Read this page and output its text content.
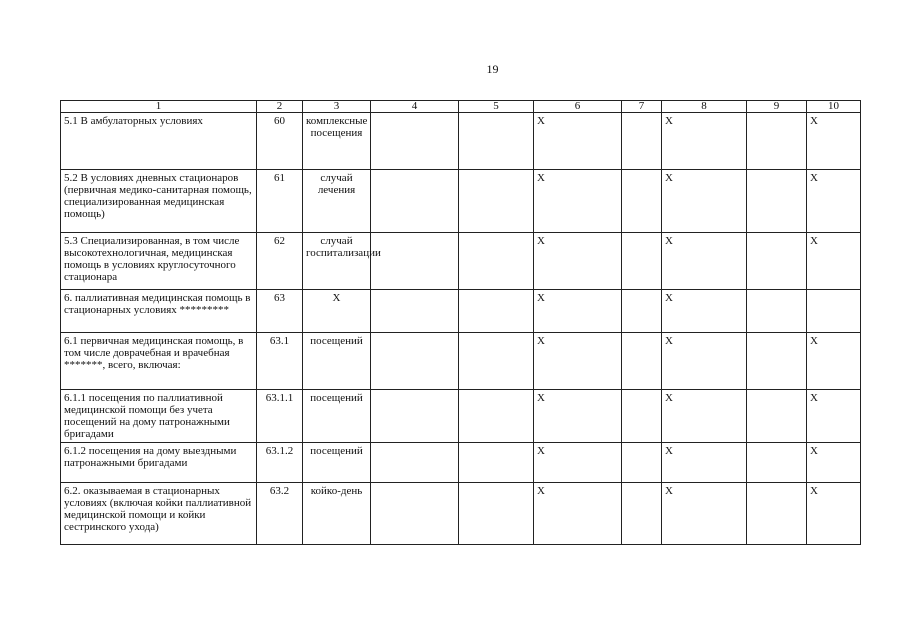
19
1	2	3	4	5	6	7	8	9	10
5.1 В амбулаторных условиях	60	комплексные посещения			X		X		X
5.2 В условиях дневных стационаров (первичная медико-санитарная помощь, специализированная медицинская помощь)	61	случай лечения			X		X		X
5.3 Специализированная, в том числе высокотехнологичная, медицинская помощь в условиях круглосуточного стационара	62	случай госпитализации			X		X		X
6. паллиативная медицинская помощь в стационарных условиях *********	63	X			X		X		
6.1 первичная медицинская помощь, в том числе доврачебная и врачебная *******, всего, включая:	63.1	посещений			X		X		X
6.1.1 посещения по паллиативной медицинской помощи без учета посещений на дому патронажными бригадами	63.1.1	посещений			X		X		X
6.1.2 посещения на дому выездными патронажными бригадами	63.1.2	посещений			X		X		X
6.2. оказываемая в стационарных условиях (включая койки паллиативной медицинской помощи и койки сестринского ухода)	63.2	койко-день			X		X		X
